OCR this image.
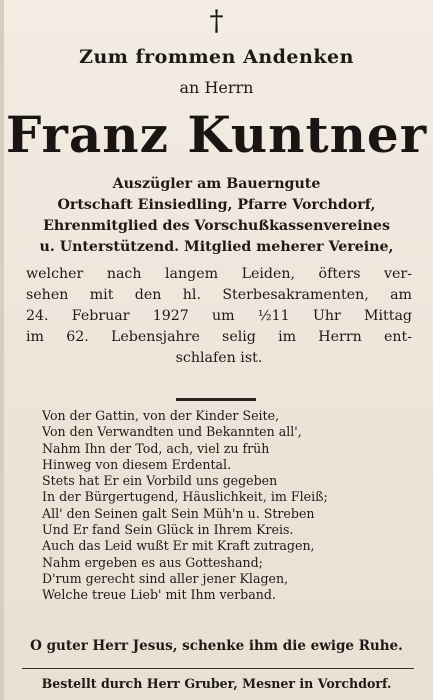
†
Zum frommen Andenken
an Herrn
Franz Kuntner
Auszügler am Bauerngute
Ortschaft Einsiedling, Pfarre Vorchdorf,
Ehrenmitglied des Vorschußkassenvereines
u. Unterstützend. Mitglied meherer Vereine,
welcher nach langem Leiden, öfters ver-
sehen mit den hl. Sterbesakramenten, am
24. Februar 1927 um ½11 Uhr Mittag
im 62. Lebensjahre selig im Herrn ent-
schlafen ist.
Von der Gattin, von der Kinder Seite,
Von den Verwandten und Bekannten all',
Nahm Ihn der Tod, ach, viel zu früh
Hinweg von diesem Erdental.
Stets hat Er ein Vorbild uns gegeben
In der Bürgertugend, Häuslichkeit, im Fleiß;
All' den Seinen galt Sein Müh'n u. Streben
Und Er fand Sein Glück in Ihrem Kreis.
Auch das Leid wußt Er mit Kraft zutragen,
Nahm ergeben es aus Gotteshand;
D'rum gerecht sind aller jener Klagen,
Welche treue Lieb' mit Ihm verband.
O guter Herr Jesus, schenke ihm die ewige Ruhe.
Bestellt durch Herr Gruber, Mesner in Vorchdorf.
